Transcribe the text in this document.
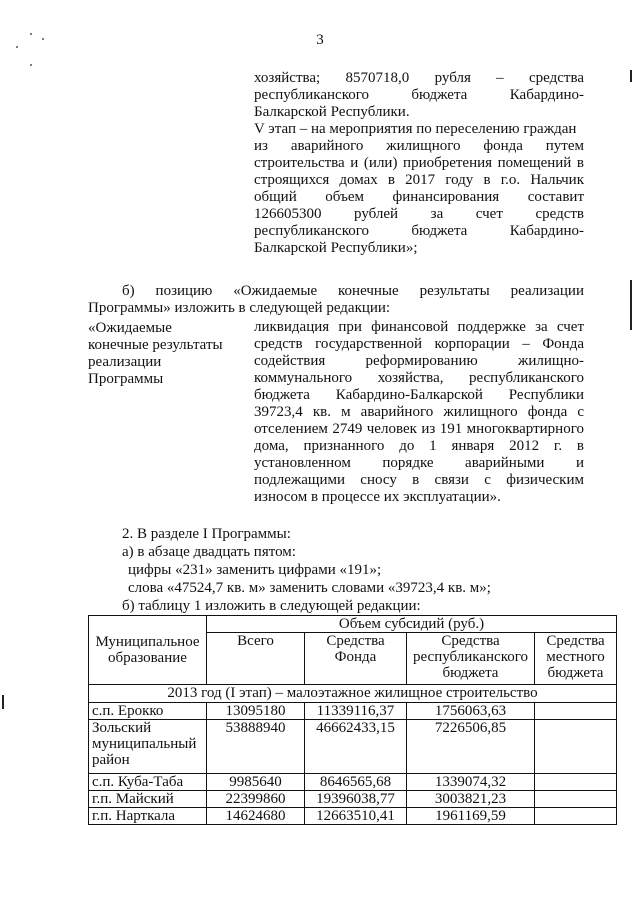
3
хозяйства; 8570718,0 рубля – средства
республиканского бюджета Кабардино-
Балкарской Республики.
V этап – на мероприятия по переселению граждан
из аварийного жилищного фонда путем
строительства и (или) приобретения помещений в
строящихся домах в 2017 году в г.о. Нальчик
общий объем финансирования составит
126605300 рублей за счет средств
республиканского бюджета Кабардино-
Балкарской Республики»;
б) позицию «Ожидаемые конечные результаты реализации
Программы» изложить в следующей редакции:
«Ожидаемые
конечные результаты
реализации
Программы
ликвидация при финансовой поддержке за счет
средств государственной корпорации – Фонда
содействия реформированию жилищно-
коммунального хозяйства, республиканского
бюджета Кабардино-Балкарской Республики
39723,4 кв. м аварийного жилищного фонда с
отселением 2749 человек из 191 многоквартирного
дома, признанного до 1 января 2012 г. в
установленном порядке аварийными и
подлежащими сносу в связи с физическим
износом в процессе их эксплуатации».
2. В разделе I Программы:
а) в абзаце двадцать пятом:
цифры «231» заменить цифрами «191»;
слова «47524,7 кв. м» заменить словами «39723,4 кв. м»;
б) таблицу 1 изложить в следующей редакции:
Муниципальное образование	Объем субсидий (руб.)			
	Всего	Средства Фонда	Средства республиканского бюджета	Средства местного бюджета
2013 год (I этап) – малоэтажное жилищное строительство				
с.п. Ерокко	13095180	11339116,37	1756063,63	
Зольский муниципальный район	53888940	46662433,15	7226506,85	
с.п. Куба-Таба	9985640	8646565,68	1339074,32	
г.п. Майский	22399860	19396038,77	3003821,23	
г.п. Нарткала	14624680	12663510,41	1961169,59	
